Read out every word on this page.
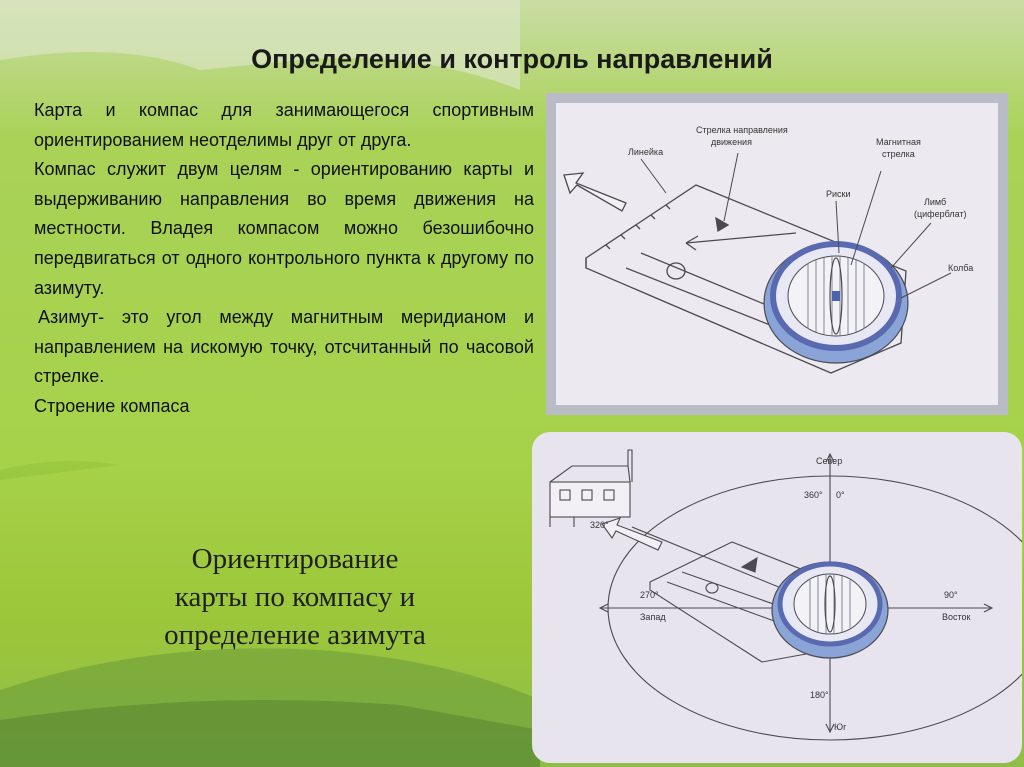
Определение и контроль направлений

Карта и компас для занимающегося спортивным ориентированием неотделимы друг от друга.

Компас служит двум целям - ориентированию карты и выдерживанию направления во время движения на местности. Владея компасом можно безошибочно передвигаться от одного контрольного пункта к другому по азимуту.

Азимут- это угол между магнитным меридианом и направлением на искомую точку, отсчитанный по часовой стрелке.

Строение компаса

Ориентирование
карты по компасу и
определение азимута
Линейка
Стрелка направления
движения	Магнитная
стрелка
Риски
Лимб
(циферблат)
Колба
Север
360° 0°
90°
Восток
270°
Запад
180°
Юг
320°
